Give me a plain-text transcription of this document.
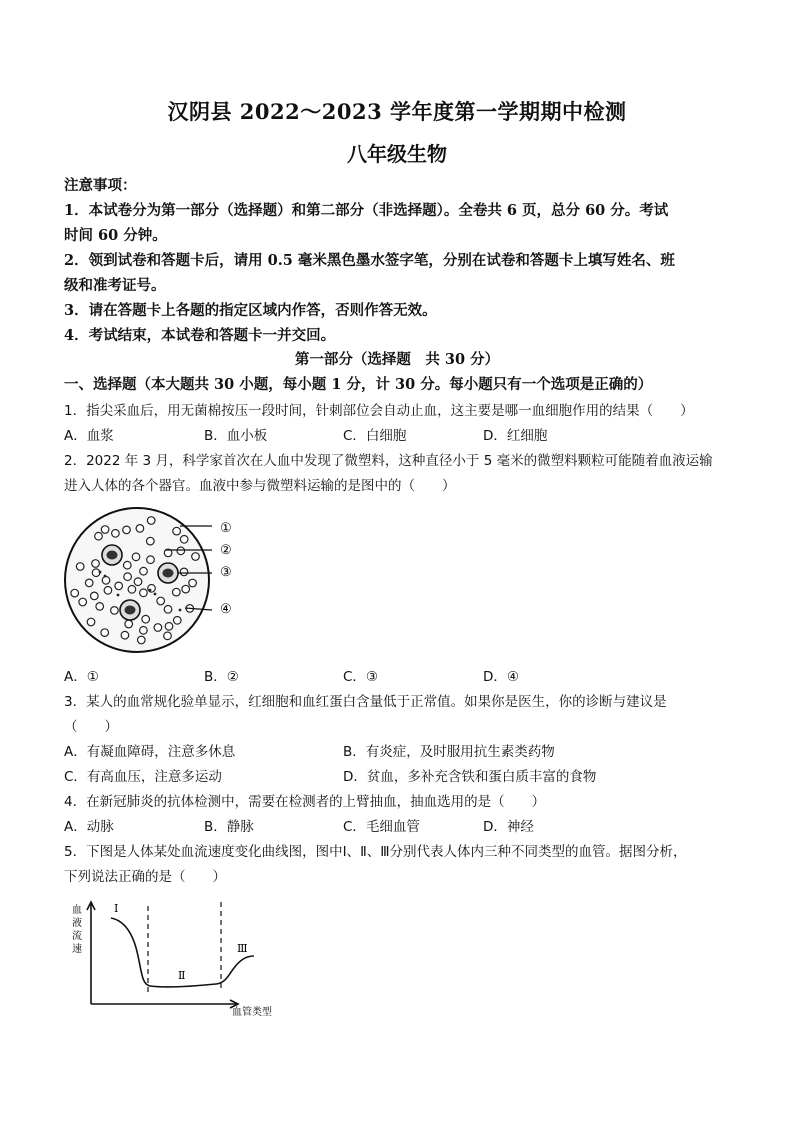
汉阴县 2022～2023 学年度第一学期期中检测
八年级生物
注意事项：
1．本试卷分为第一部分（选择题）和第二部分（非选择题）。全卷共 6 页，总分 60 分。考试
时间 60 分钟。
2．领到试卷和答题卡后，请用 0.5 毫米黑色墨水签字笔，分别在试卷和答题卡上填写姓名、班
级和准考证号。
3．请在答题卡上各题的指定区域内作答，否则作答无效。
4．考试结束，本试卷和答题卡一并交回。
第一部分（选择题　共 30 分）
一、选择题（本大题共 30 小题，每小题 1 分，计 30 分。每小题只有一个选项是正确的）
1．指尖采血后，用无菌棉按压一段时间，针刺部位会自动止血，这主要是哪一血细胞作用的结果（　　）
A．血浆	B．血小板	C．白细胞	D．红细胞
2．2022 年 3 月，科学家首次在人血中发现了微塑料，这种直径小于 5 毫米的微塑料颗粒可能随着血液运输
进入人体的各个器官。血液中参与微塑料运输的是图中的（　　）
①
②
③
④
A．①	B．②	C．③	D．④
3．某人的血常规化验单显示，红细胞和血红蛋白含量低于正常值。如果你是医生，你的诊断与建议是
（　　）
A．有凝血障碍，注意多休息	B．有炎症，及时服用抗生素类药物
C．有高血压，注意多运动	D．贫血，多补充含铁和蛋白质丰富的食物
4．在新冠肺炎的抗体检测中，需要在检测者的上臂抽血，抽血选用的是（　　）
A．动脉	B．静脉	C．毛细血管	D．神经
5．下图是人体某处血流速度变化曲线图，图中Ⅰ、Ⅱ、Ⅲ分别代表人体内三种不同类型的血管。据图分析，
下列说法正确的是（　　）
血
液
流
速
Ⅰ
Ⅱ
Ⅲ
血管类型
